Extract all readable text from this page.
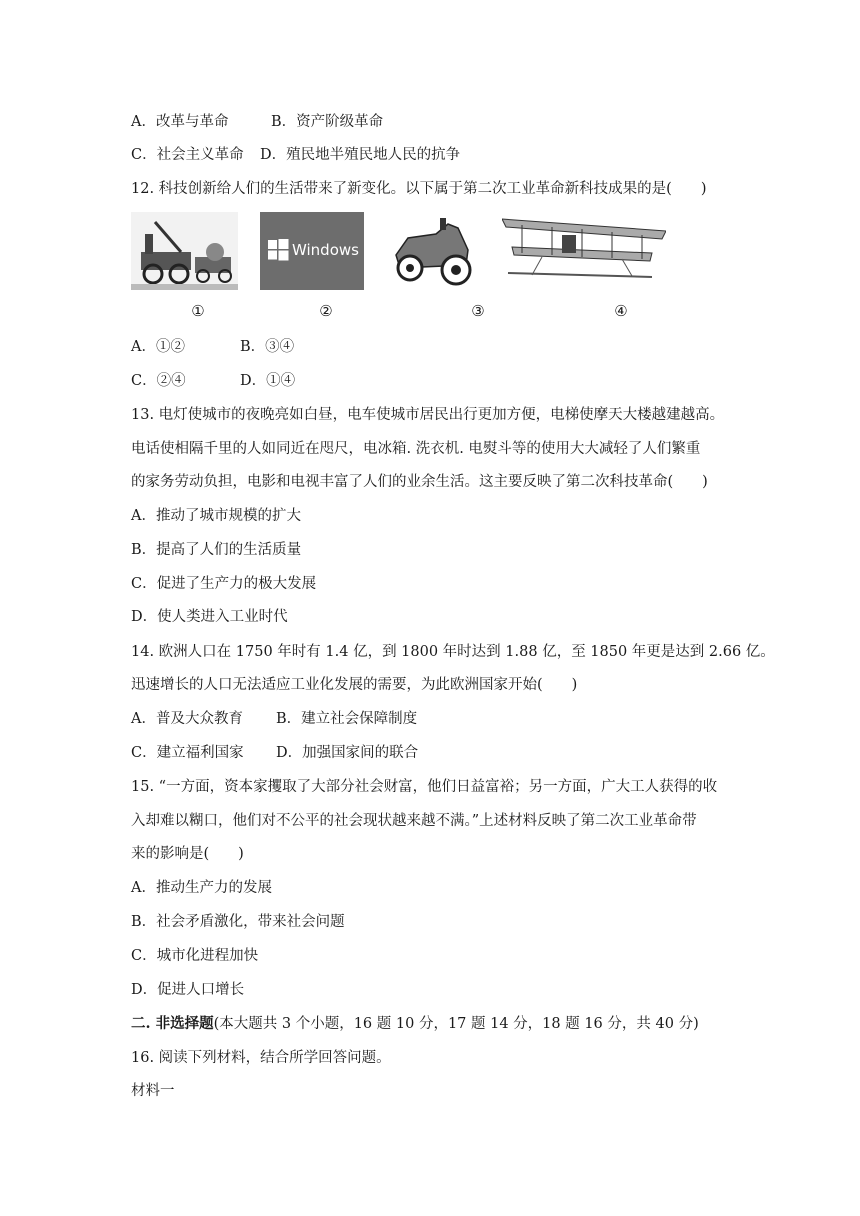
A．改革与革命	B．资产阶级革命
C．社会主义革命 D．殖民地半殖民地人民的抗争
12. 科技创新给人们的生活带来了新变化。以下属于第二次工业革命新科技成果的是(　　)
Windows
①	②	③	④
A．①②	B．③④
C．②④	D．①④
13. 电灯使城市的夜晚亮如白昼，电车使城市居民出行更加方便，电梯使摩天大楼越建越高。
电话使相隔千里的人如同近在咫尺，电冰箱. 洗衣机. 电熨斗等的使用大大减轻了人们繁重
的家务劳动负担，电影和电视丰富了人们的业余生活。这主要反映了第二次科技革命(　　)
A．推动了城市规模的扩大
B．提高了人们的生活质量
C．促进了生产力的极大发展
D．使人类进入工业时代
14. 欧洲人口在 1750 年时有 1.4 亿，到 1800 年时达到 1.88 亿，至 1850 年更是达到 2.66 亿。
迅速增长的人口无法适应工业化发展的需要，为此欧洲国家开始(　　)
A．普及大众教育 B．建立社会保障制度
C．建立福利国家 D．加强国家间的联合
15. “一方面，资本家攫取了大部分社会财富，他们日益富裕；另一方面，广大工人获得的收
入却难以糊口，他们对不公平的社会现状越来越不满。”上述材料反映了第二次工业革命带
来的影响是(　　)
A．推动生产力的发展
B．社会矛盾激化，带来社会问题
C．城市化进程加快
D．促进人口增长
二. 非选择题(本大题共 3 个小题，16 题 10 分，17 题 14 分，18 题 16 分，共 40 分)
16. 阅读下列材料，结合所学回答问题。
材料一
